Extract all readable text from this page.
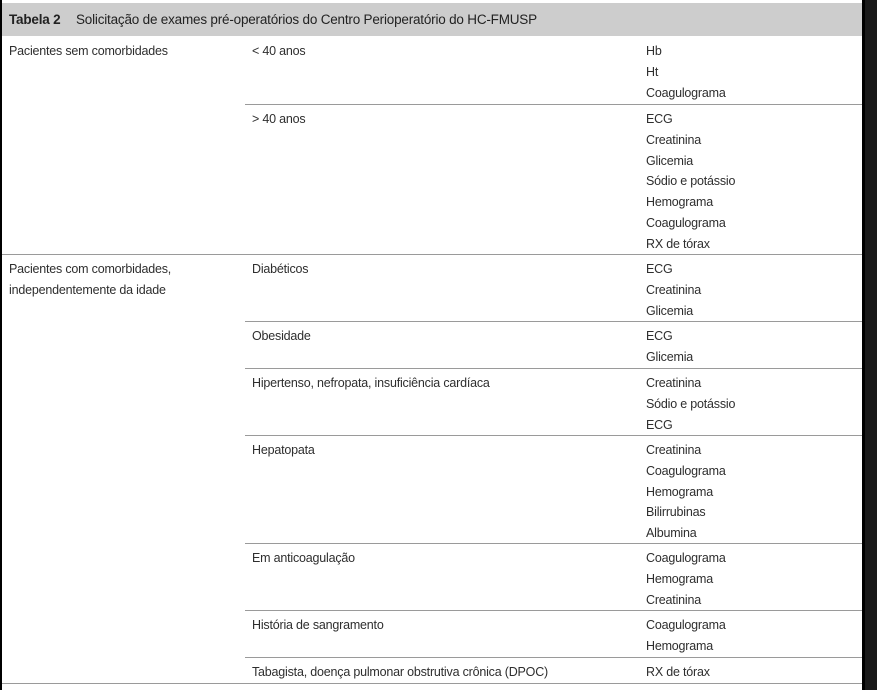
Tabela 2 Solicitação de exames pré-operatórios do Centro Perioperatório do HC-FMUSP
Pacientes sem comorbidades	< 40 anos	Hb
Ht
Coagulograma
> 40 anos	ECG
Creatinina
Glicemia
Sódio e potássio
Hemograma
Coagulograma
RX de tórax
Pacientes com comorbidades,
independentemente da idade
Diabéticos	ECG
Creatinina
Glicemia
Obesidade	ECG
Glicemia
Hipertenso, nefropata, insuficiência cardíaca	Creatinina
Sódio e potássio
ECG
Hepatopata	Creatinina
Coagulograma
Hemograma
Bilirrubinas
Albumina
Em anticoagulação	Coagulograma
Hemograma
Creatinina
História de sangramento	Coagulograma
Hemograma
Tabagista, doença pulmonar obstrutiva crônica (DPOC)	RX de tórax
